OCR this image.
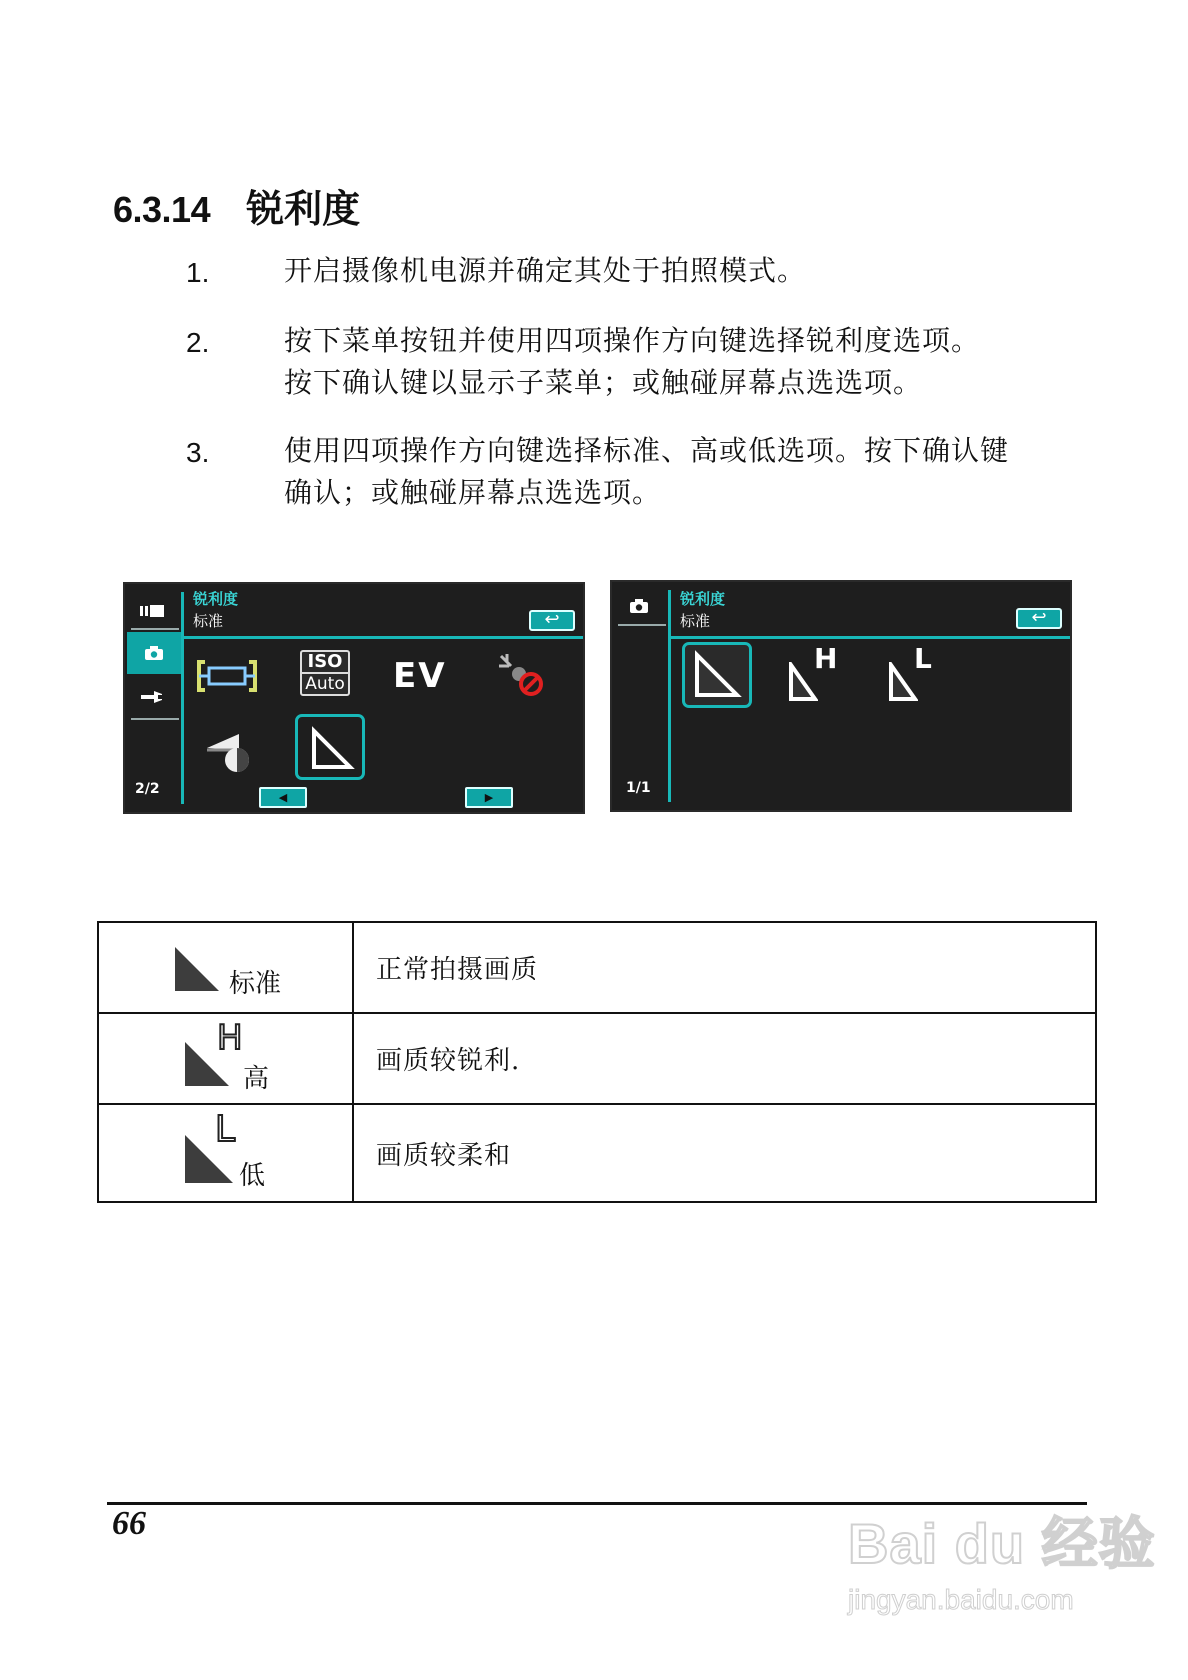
6.3.14 锐利度
1.	开启摄像机电源并确定其处于拍照模式。
2.	按下菜单按钮并使用四项操作方向键选择锐利度选项。
按下确认键以显示子菜单；或触碰屏幕点选选项。
3.	使用四项操作方向键选择标准、高或低选项。按下确认键
确认；或触碰屏幕点选选项。
2/2
锐利度
标准	↩
ISO
Auto EV
◀	▶
1/1
锐利度
标准	↩
H	L
标准	正常拍摄画质

H
高	画质较锐利.

L
低	画质较柔和
66	Bai du 经验
jingyan.baidu.com
